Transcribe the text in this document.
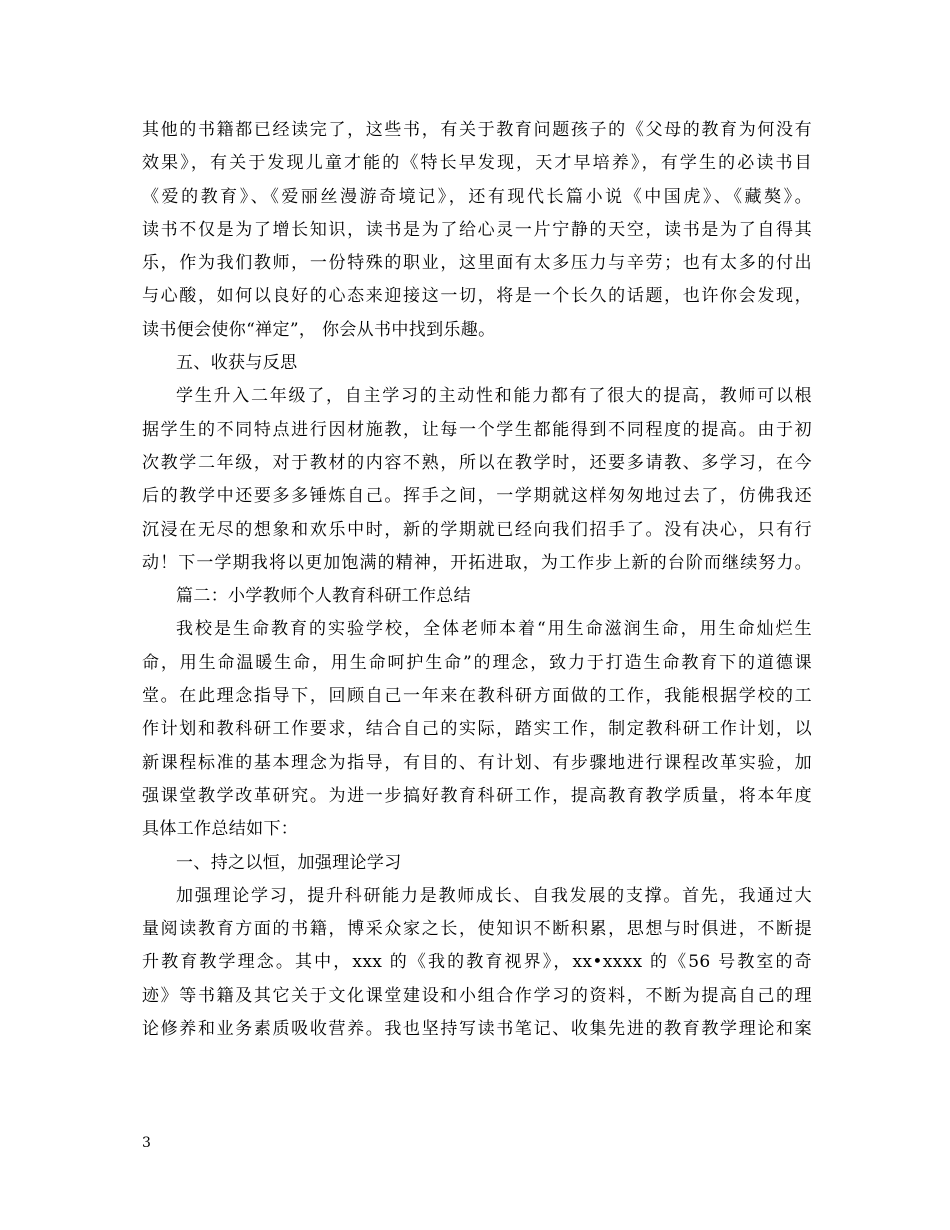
其他的书籍都已经读完了，这些书，有关于教育问题孩子的《父母的教育为何没有
效果》，有关于发现儿童才能的《特长早发现，天才早培养》，有学生的必读书目
《爱的教育》、《爱丽丝漫游奇境记》，还有现代长篇小说《中国虎》、《藏獒》。
读书不仅是为了增长知识，读书是为了给心灵一片宁静的天空，读书是为了自得其
乐，作为我们教师，一份特殊的职业，这里面有太多压力与辛劳；也有太多的付出
与心酸，如何以良好的心态来迎接这一切，将是一个长久的话题，也许你会发现，
读书便会使你“禅定”， 你会从书中找到乐趣。
五、收获与反思
学生升入二年级了，自主学习的主动性和能力都有了很大的提高，教师可以根
据学生的不同特点进行因材施教，让每一个学生都能得到不同程度的提高。由于初
次教学二年级，对于教材的内容不熟，所以在教学时，还要多请教、多学习，在今
后的教学中还要多多锤炼自己。挥手之间，一学期就这样匆匆地过去了，仿佛我还
沉浸在无尽的想象和欢乐中时，新的学期就已经向我们招手了。没有决心，只有行
动！下一学期我将以更加饱满的精神，开拓进取，为工作步上新的台阶而继续努力。
篇二：小学教师个人教育科研工作总结
我校是生命教育的实验学校，全体老师本着“用生命滋润生命，用生命灿烂生
命，用生命温暖生命，用生命呵护生命”的理念，致力于打造生命教育下的道德课
堂。在此理念指导下，回顾自己一年来在教科研方面做的工作，我能根据学校的工
作计划和教科研工作要求，结合自己的实际，踏实工作，制定教科研工作计划，以
新课程标准的基本理念为指导，有目的、有计划、有步骤地进行课程改革实验，加
强课堂教学改革研究。为进一步搞好教育科研工作，提高教育教学质量，将本年度
具体工作总结如下：
一、持之以恒，加强理论学习
加强理论学习，提升科研能力是教师成长、自我发展的支撑。首先，我通过大
量阅读教育方面的书籍，博采众家之长，使知识不断积累，思想与时俱进，不断提
升教育教学理念。其中，xxx 的《我的教育视界》，xx•xxxx 的《56 号教室的奇
迹》等书籍及其它关于文化课堂建设和小组合作学习的资料，不断为提高自己的理
论修养和业务素质吸收营养。我也坚持写读书笔记、收集先进的教育教学理论和案
3
